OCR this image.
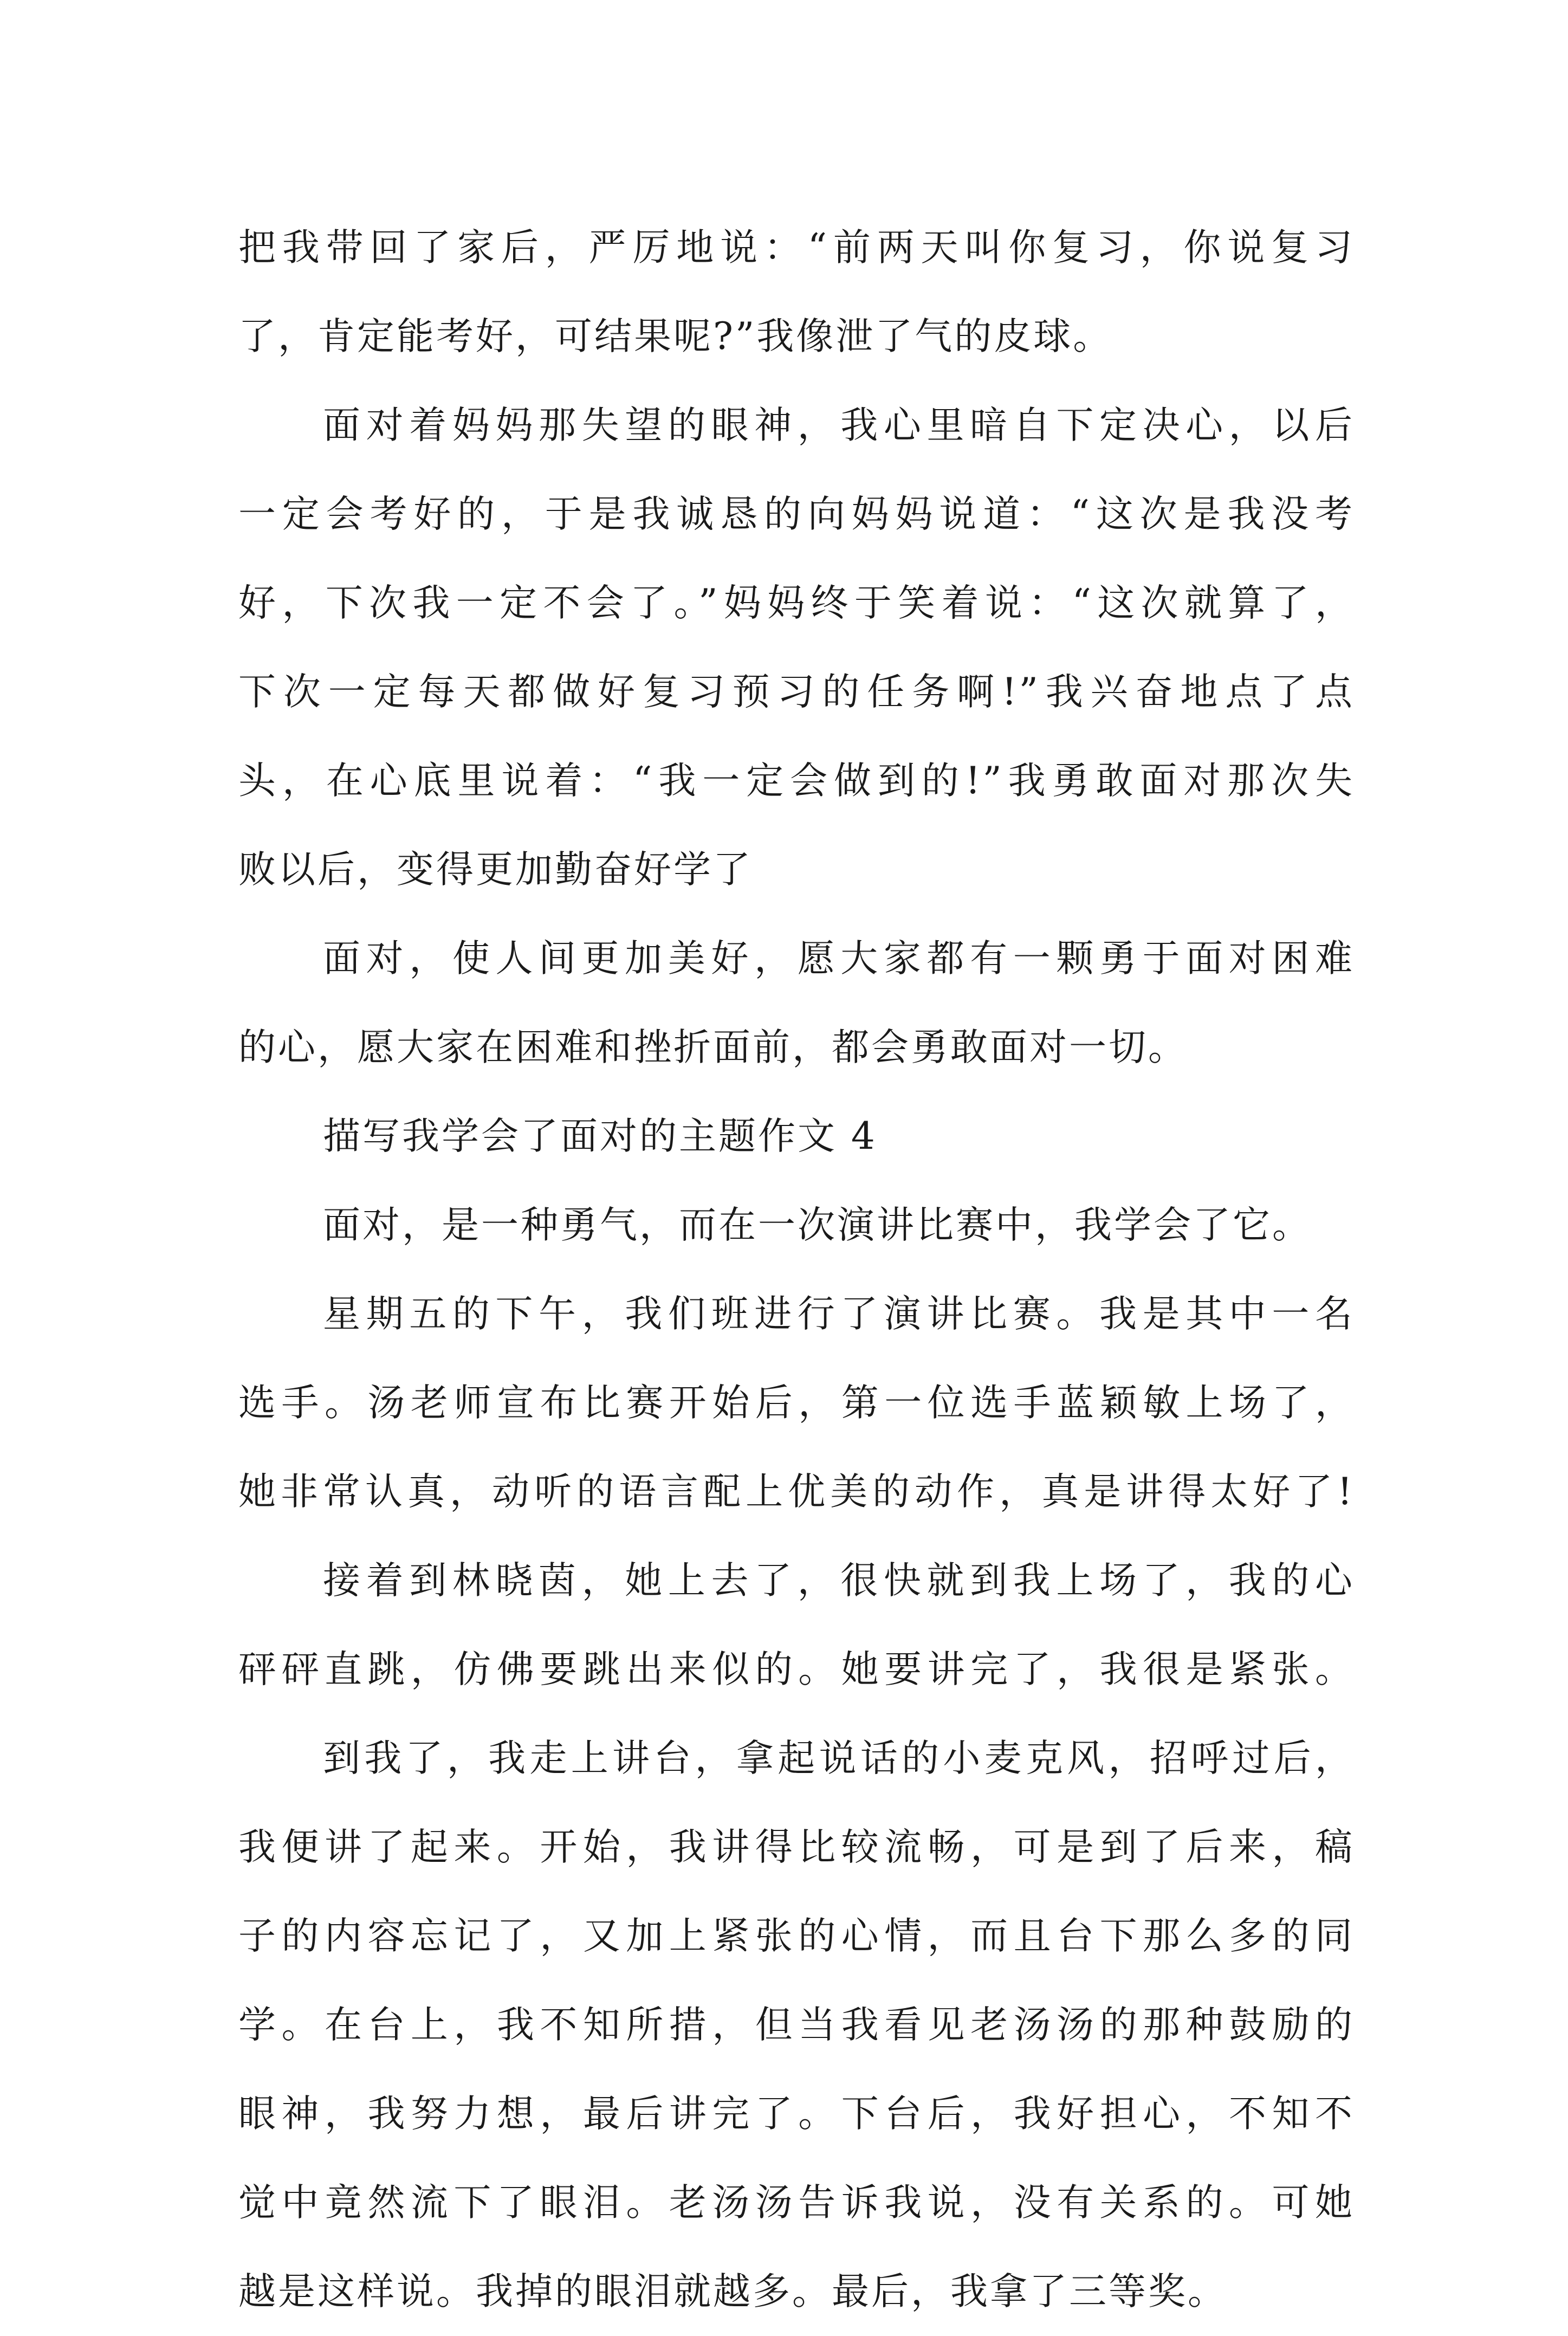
把我带回了家后，严厉地说：“前两天叫你复习，你说复习
了，肯定能考好，可结果呢?”我像泄了气的皮球。
面对着妈妈那失望的眼神，我心里暗自下定决心，以后
一定会考好的，于是我诚恳的向妈妈说道：“这次是我没考
好，下次我一定不会了。”妈妈终于笑着说：“这次就算了，
下次一定每天都做好复习预习的任务啊!”我兴奋地点了点
头，在心底里说着：“我一定会做到的!”我勇敢面对那次失
败以后，变得更加勤奋好学了
面对，使人间更加美好，愿大家都有一颗勇于面对困难
的心，愿大家在困难和挫折面前，都会勇敢面对一切。
描写我学会了面对的主题作文 4
面对，是一种勇气，而在一次演讲比赛中，我学会了它。
星期五的下午，我们班进行了演讲比赛。我是其中一名
选手。汤老师宣布比赛开始后，第一位选手蓝颖敏上场了，
她非常认真，动听的语言配上优美的动作，真是讲得太好了!
接着到林晓茵，她上去了，很快就到我上场了，我的心
砰砰直跳，仿佛要跳出来似的。她要讲完了，我很是紧张。
到我了，我走上讲台，拿起说话的小麦克风，招呼过后，
我便讲了起来。开始，我讲得比较流畅，可是到了后来，稿
子的内容忘记了，又加上紧张的心情，而且台下那么多的同
学。在台上，我不知所措，但当我看见老汤汤的那种鼓励的
眼神，我努力想，最后讲完了。下台后，我好担心，不知不
觉中竟然流下了眼泪。老汤汤告诉我说，没有关系的。可她
越是这样说。我掉的眼泪就越多。最后，我拿了三等奖。
